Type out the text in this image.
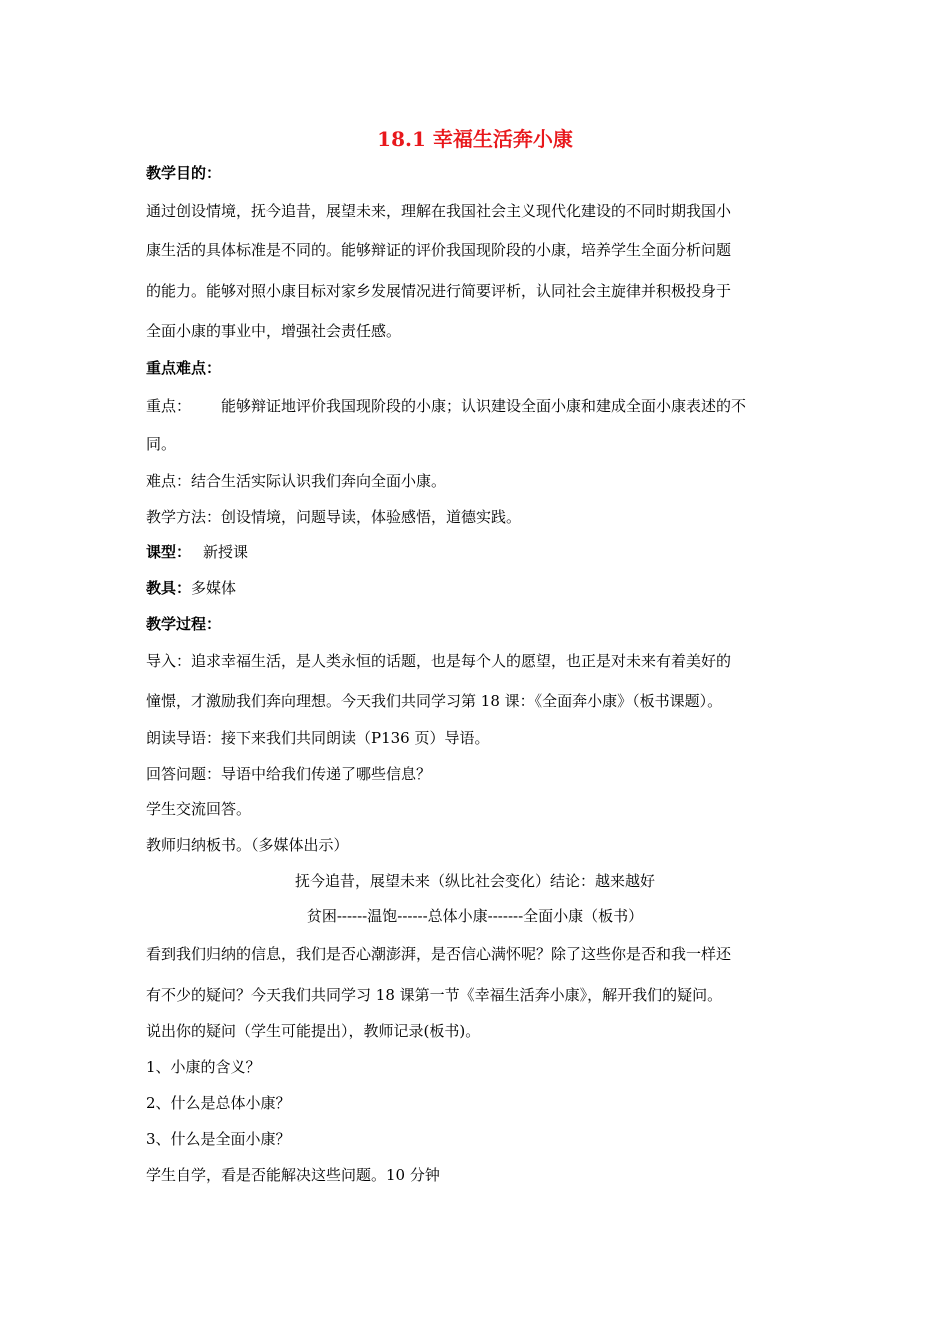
18.1 幸福生活奔小康
教学目的：
通过创设情境，抚今追昔，展望未来，理解在我国社会主义现代化建设的不同时期我国小
康生活的具体标准是不同的。能够辩证的评价我国现阶段的小康，培养学生全面分析问题
的能力。能够对照小康目标对家乡发展情况进行简要评析，认同社会主旋律并积极投身于
全面小康的事业中，增强社会责任感。
重点难点：
重点： 能够辩证地评价我国现阶段的小康；认识建设全面小康和建成全面小康表述的不
同。
难点：结合生活实际认识我们奔向全面小康。
教学方法：创设情境，问题导读，体验感悟，道德实践。
课型： 新授课
教具：多媒体
教学过程：
导入：追求幸福生活，是人类永恒的话题，也是每个人的愿望，也正是对未来有着美好的
憧憬，才激励我们奔向理想。今天我们共同学习第 18 课：《全面奔小康》（板书课题）。
朗读导语：接下来我们共同朗读（P136 页）导语。
回答问题：导语中给我们传递了哪些信息？
学生交流回答。
教师归纳板书。（多媒体出示）
抚今追昔，展望未来（纵比社会变化）结论：越来越好
贫困------温饱------总体小康-------全面小康（板书）
看到我们归纳的信息，我们是否心潮澎湃，是否信心满怀呢？除了这些你是否和我一样还
有不少的疑问？今天我们共同学习 18 课第一节《幸福生活奔小康》，解开我们的疑问。
说出你的疑问（学生可能提出），教师记录(板书)。
1、小康的含义？
2、什么是总体小康？
3、什么是全面小康？
学生自学，看是否能解决这些问题。10 分钟
